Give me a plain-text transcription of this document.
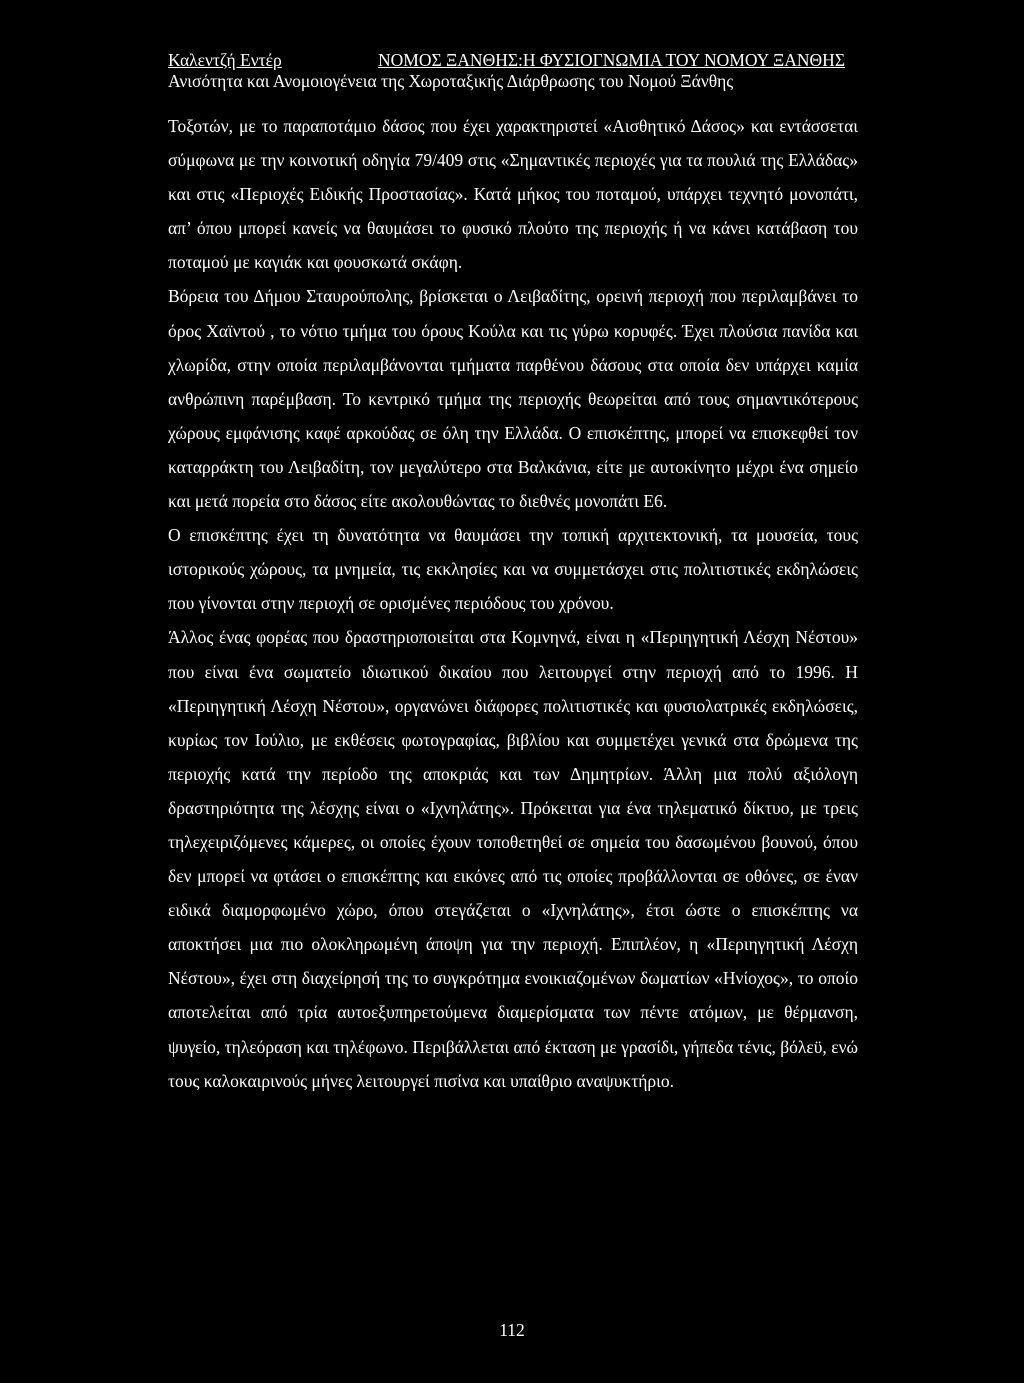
Καλεντζή Εντέρ	ΝΟΜΟΣ ΞΑΝΘΗΣ:Η ΦΥΣΙΟΓΝΩΜΙΑ ΤΟΥ ΝΟΜΟΥ ΞΑΝΘΗΣ
Ανισότητα και Ανομοιογένεια της Χωροταξικής Διάρθρωσης του Νομού Ξάνθης

Τοξοτών, με το παραποτάμιο δάσος που έχει χαρακτηριστεί «Αισθητικό Δάσος» και εντάσσεται σύμφωνα με την κοινοτική οδηγία 79/409 στις «Σημαντικές περιοχές για τα πουλιά της Ελλάδας» και στις «Περιοχές Ειδικής Προστασίας». Κατά μήκος του ποταμού, υπάρχει τεχνητό μονοπάτι, απ’ όπου μπορεί κανείς να θαυμάσει το φυσικό πλούτο της περιοχής ή να κάνει κατάβαση του ποταμού με καγιάκ και φουσκωτά σκάφη.

Βόρεια του Δήμου Σταυρούπολης, βρίσκεται ο Λειβαδίτης, ορεινή περιοχή που περιλαμβάνει το όρος Χαϊντού , το νότιο τμήμα του όρους Κούλα και τις γύρω κορυφές. Έχει πλούσια πανίδα και χλωρίδα, στην οποία περιλαμβάνονται τμήματα παρθένου δάσους στα οποία δεν υπάρχει καμία ανθρώπινη παρέμβαση. Το κεντρικό τμήμα της περιοχής θεωρείται από τους σημαντικότερους χώρους εμφάνισης καφέ αρκούδας σε όλη την Ελλάδα. Ο επισκέπτης, μπορεί να επισκεφθεί τον καταρράκτη του Λειβαδίτη, τον μεγαλύτερο στα Βαλκάνια, είτε με αυτοκίνητο μέχρι ένα σημείο και μετά πορεία στο δάσος είτε ακολουθώντας το διεθνές μονοπάτι Ε6.

Ο επισκέπτης έχει τη δυνατότητα να θαυμάσει την τοπική αρχιτεκτονική, τα μουσεία, τους ιστορικούς χώρους, τα μνημεία, τις εκκλησίες και να συμμετάσχει στις πολιτιστικές εκδηλώσεις που γίνονται στην περιοχή σε ορισμένες περιόδους του χρόνου.

Άλλος ένας φορέας που δραστηριοποιείται στα Κομνηνά, είναι η «Περιηγητική Λέσχη Νέστου» που είναι ένα σωματείο ιδιωτικού δικαίου που λειτουργεί στην περιοχή από το 1996. Η «Περιηγητική Λέσχη Νέστου», οργανώνει διάφορες πολιτιστικές και φυσιολατρικές εκδηλώσεις, κυρίως τον Ιούλιο, με εκθέσεις φωτογραφίας, βιβλίου και συμμετέχει γενικά στα δρώμενα της περιοχής κατά την περίοδο της αποκριάς και των Δημητρίων. Άλλη μια πολύ αξιόλογη δραστηριότητα της λέσχης είναι ο «Ιχνηλάτης». Πρόκειται για ένα τηλεματικό δίκτυο, με τρεις τηλεχειριζόμενες κάμερες, οι οποίες έχουν τοποθετηθεί σε σημεία του δασωμένου βουνού, όπου δεν μπορεί να φτάσει ο επισκέπτης και εικόνες από τις οποίες προβάλλονται σε οθόνες, σε έναν ειδικά διαμορφωμένο χώρο, όπου στεγάζεται ο «Ιχνηλάτης», έτσι ώστε ο επισκέπτης να αποκτήσει μια πιο ολοκληρωμένη άποψη για την περιοχή. Επιπλέον, η «Περιηγητική Λέσχη Νέστου», έχει στη διαχείρησή της το συγκρότημα ενοικιαζομένων δωματίων «Ηνίοχος», το οποίο αποτελείται από τρία αυτοεξυπηρετούμενα διαμερίσματα των πέντε ατόμων, με θέρμανση, ψυγείο, τηλεόραση και τηλέφωνο. Περιβάλλεται από έκταση με γρασίδι, γήπεδα τένις, βόλεϋ, ενώ τους καλοκαιρινούς μήνες λειτουργεί πισίνα και υπαίθριο αναψυκτήριο.

112
